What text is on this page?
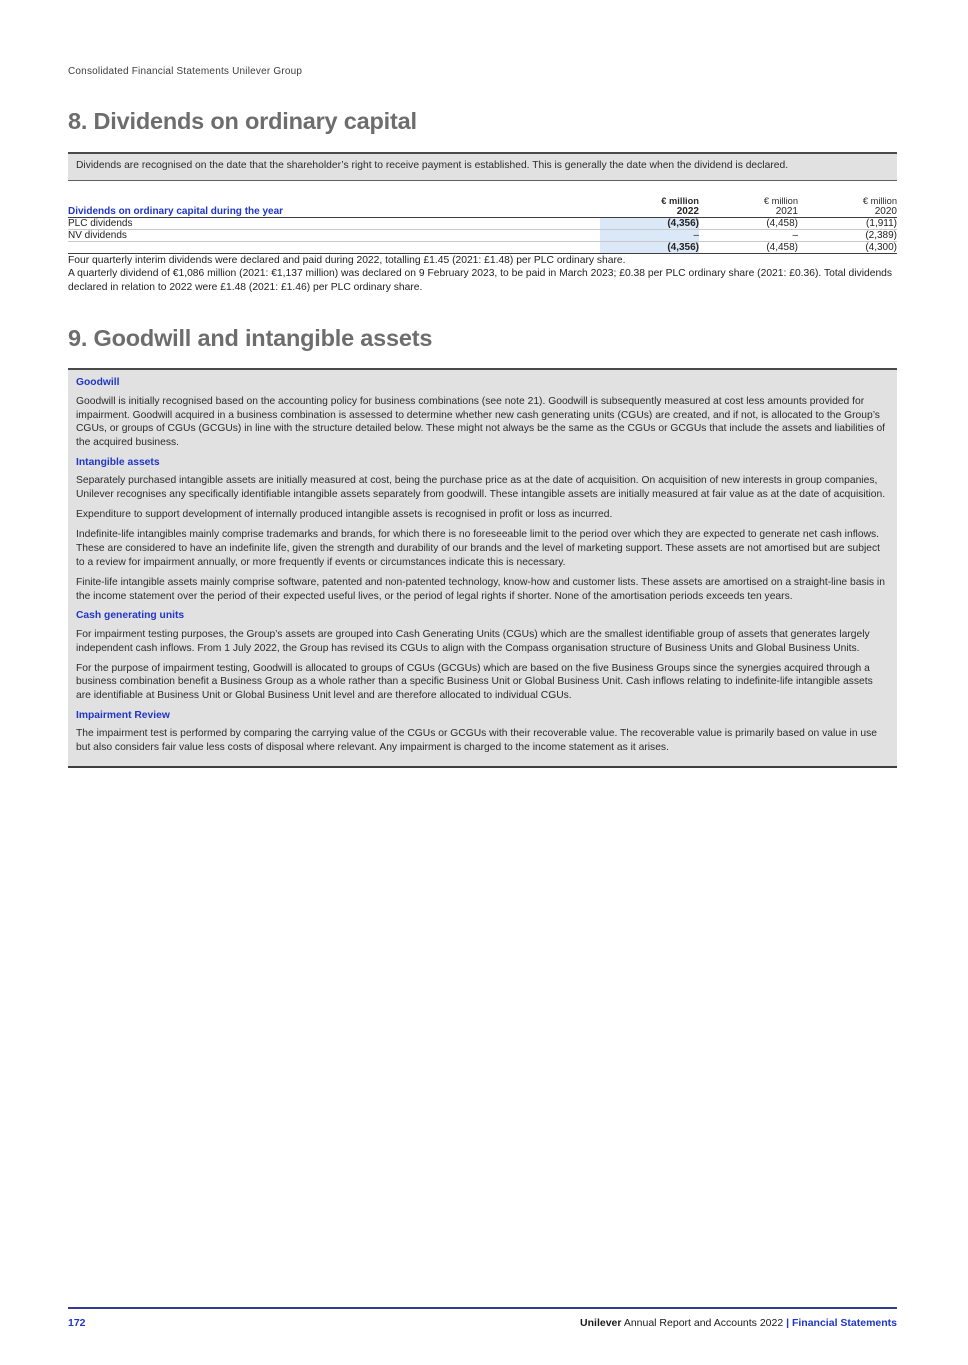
Consolidated Financial Statements Unilever Group
8. Dividends on ordinary capital
Dividends are recognised on the date that the shareholder’s right to receive payment is established. This is generally the date when the dividend is declared.
	€ million	€ million	€ million
Dividends on ordinary capital during the year	2022	2021	2020
PLC dividends	(4,356)	(4,458)	(1,911)
NV dividends	–	–	(2,389)
	(4,356)	(4,458)	(4,300)

Four quarterly interim dividends were declared and paid during 2022, totalling £1.45 (2021: £1.48) per PLC ordinary share.

A quarterly dividend of €1,086 million (2021: €1,137 million) was declared on 9 February 2023, to be paid in March 2023; £0.38 per PLC ordinary share (2021: £0.36). Total dividends declared in relation to 2022 were £1.48 (2021: £1.46) per PLC ordinary share.

9. Goodwill and intangible assets
Goodwill

Goodwill is initially recognised based on the accounting policy for business combinations (see note 21). Goodwill is subsequently measured at cost less amounts provided for impairment. Goodwill acquired in a business combination is assessed to determine whether new cash generating units (CGUs) are created, and if not, is allocated to the Group’s CGUs, or groups of CGUs (GCGUs) in line with the structure detailed below. These might not always be the same as the CGUs or GCGUs that include the assets and liabilities of the acquired business.

Intangible assets

Separately purchased intangible assets are initially measured at cost, being the purchase price as at the date of acquisition. On acquisition of new interests in group companies, Unilever recognises any specifically identifiable intangible assets separately from goodwill. These intangible assets are initially measured at fair value as at the date of acquisition.

Expenditure to support development of internally produced intangible assets is recognised in profit or loss as incurred.

Indefinite-life intangibles mainly comprise trademarks and brands, for which there is no foreseeable limit to the period over which they are expected to generate net cash inflows. These are considered to have an indefinite life, given the strength and durability of our brands and the level of marketing support. These assets are not amortised but are subject to a review for impairment annually, or more frequently if events or circumstances indicate this is necessary.

Finite-life intangible assets mainly comprise software, patented and non-patented technology, know-how and customer lists. These assets are amortised on a straight-line basis in the income statement over the period of their expected useful lives, or the period of legal rights if shorter. None of the amortisation periods exceeds ten years.

Cash generating units

For impairment testing purposes, the Group’s assets are grouped into Cash Generating Units (CGUs) which are the smallest identifiable group of assets that generates largely independent cash inflows. From 1 July 2022, the Group has revised its CGUs to align with the Compass organisation structure of Business Units and Global Business Units.

For the purpose of impairment testing, Goodwill is allocated to groups of CGUs (GCGUs) which are based on the five Business Groups since the synergies acquired through a business combination benefit a Business Group as a whole rather than a specific Business Unit or Global Business Unit. Cash inflows relating to indefinite-life intangible assets are identifiable at Business Unit or Global Business Unit level and are therefore allocated to individual CGUs.

Impairment Review

The impairment test is performed by comparing the carrying value of the CGUs or GCGUs with their recoverable value. The recoverable value is primarily based on value in use but also considers fair value less costs of disposal where relevant. Any impairment is charged to the income statement as it arises.

172	Unilever Annual Report and Accounts 2022 | Financial Statements
